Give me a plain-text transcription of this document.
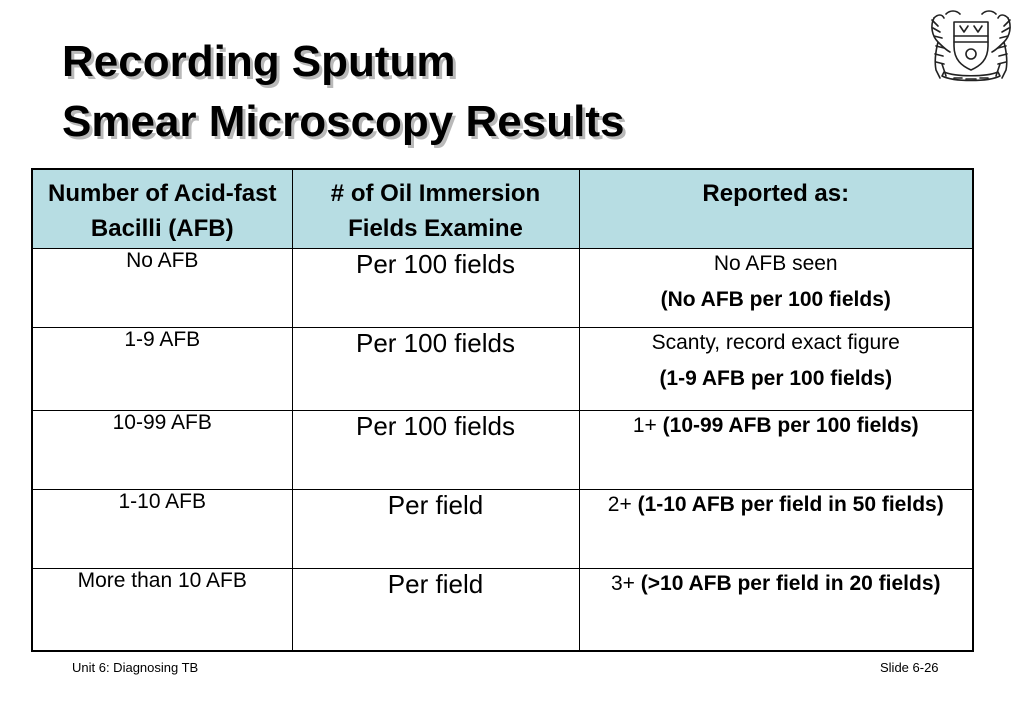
Recording Sputum
Smear Microscopy Results
Number of Acid-fast Bacilli (AFB)	# of Oil Immersion Fields Examine	Reported as:
No AFB	Per 100 fields	No AFB seen
(No AFB per 100 fields)

1-9 AFB	Per 100 fields	Scanty, record exact figure
(1-9 AFB per 100 fields)

10-99 AFB	Per 100 fields	1+ (10-99 AFB per 100 fields)
1-10 AFB	Per field	2+ (1-10 AFB per field in 50 fields)
More than 10 AFB	Per field	3+ (>10 AFB per field in 20 fields)
Unit 6: Diagnosing TB	Slide 6-26
